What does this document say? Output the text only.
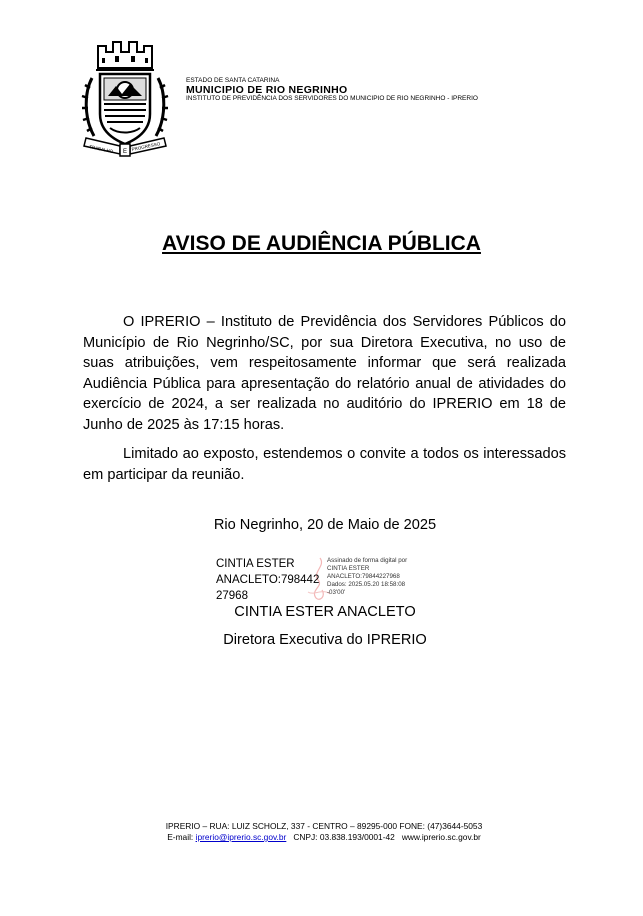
TRABALHO E
PROGRESSO
ESTADO DE SANTA CATARINA
MUNICIPIO DE RIO NEGRINHO
INSTITUTO DE PREVIDÊNCIA DOS SERVIDORES DO MUNICIPIO DE RIO NEGRINHO - IPRERIO
AVISO DE AUDIÊNCIA PÚBLICA

O IPRERIO – Instituto de Previdência dos Servidores Públicos do Município de Rio Negrinho/SC, por sua Diretora Executiva, no uso de suas atribuições, vem respeitosamente informar que será realizada Audiência Pública para apresentação do relatório anual de atividades do exercício de 2024, a ser realizada no auditório do IPRERIO em 18 de Junho de 2025 às 17:15 horas.

Limitado ao exposto, estendemos o convite a todos os interessados em participar da reunião.

Rio Negrinho, 20 de Maio de 2025
CINTIA ESTER
ANACLETO:798442
27968
Assinado de forma digital por
CINTIA ESTER
ANACLETO:79844227968
Dados: 2025.05.20 18:58:08
-03'00'
CINTIA ESTER ANACLETO
Diretora Executiva do IPRERIO
IPRERIO – RUA: LUIZ SCHOLZ, 337 - CENTRO – 89295-000 FONE: (47)3644-5053
E-mail: iprerio@iprerio.sc.gov.br CNPJ: 03.838.193/0001-42 www.iprerio.sc.gov.br
